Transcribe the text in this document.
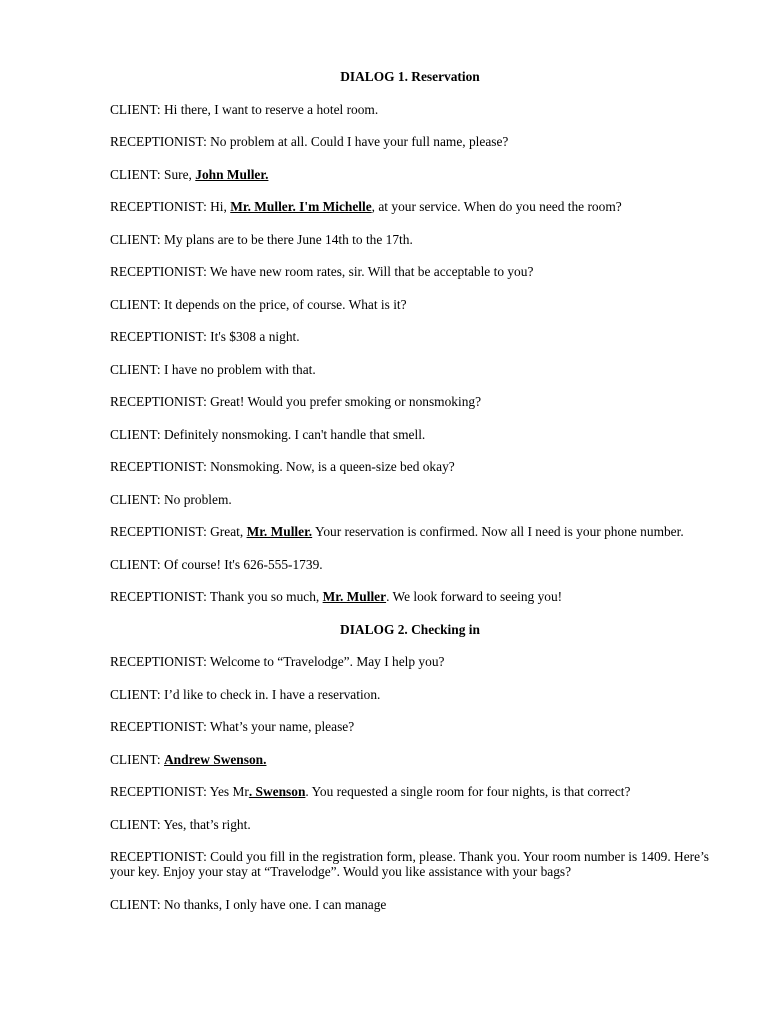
DIALOG 1. Reservation

CLIENT: Hi there, I want to reserve a hotel room.

RECEPTIONIST: No problem at all. Could I have your full name, please?

CLIENT: Sure, John Muller.

RECEPTIONIST: Hi, Mr. Muller. I'm Michelle, at your service. When do you need the room?

CLIENT: My plans are to be there June 14th to the 17th.

RECEPTIONIST: We have new room rates, sir. Will that be acceptable to you?

CLIENT: It depends on the price, of course. What is it?

RECEPTIONIST: It's $308 a night.

CLIENT: I have no problem with that.

RECEPTIONIST: Great! Would you prefer smoking or nonsmoking?

CLIENT: Definitely nonsmoking. I can't handle that smell.

RECEPTIONIST: Nonsmoking. Now, is a queen-size bed okay?

CLIENT: No problem.

RECEPTIONIST: Great, Mr. Muller. Your reservation is confirmed. Now all I need is your phone number.

CLIENT: Of course! It's 626-555-1739.

RECEPTIONIST: Thank you so much, Mr. Muller. We look forward to seeing you!

DIALOG 2. Checking in

RECEPTIONIST: Welcome to “Travelodge”. May I help you?

CLIENT: I’d like to check in. I have a reservation.

RECEPTIONIST: What’s your name, please?

CLIENT: Andrew Swenson.

RECEPTIONIST: Yes Mr. Swenson. You requested a single room for four nights, is that correct?

CLIENT: Yes, that’s right.

RECEPTIONIST: Could you fill in the registration form, please. Thank you. Your room number is 1409. Here’s your key. Enjoy your stay at “Travelodge”. Would you like assistance with your bags?

CLIENT: No thanks, I only have one. I can manage
